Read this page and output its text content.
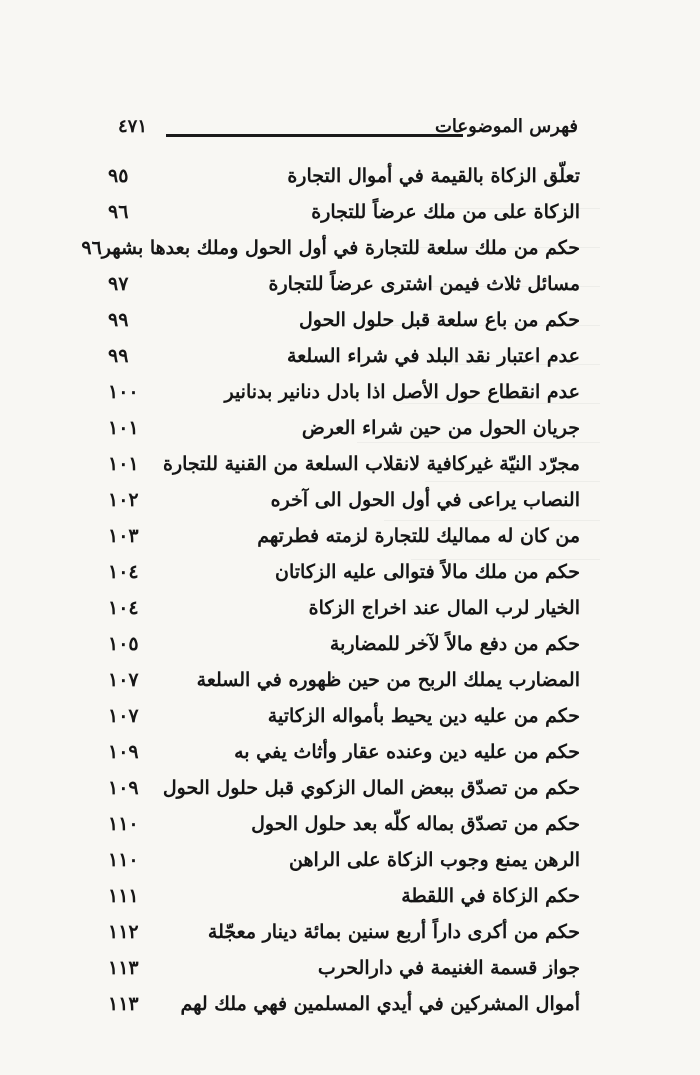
فهرس الموضوعات
٤٧١
تعلّق الزكاة بالقيمة في أموال التجارة
٩٥
الزكاة على من ملك عرضاً للتجارة
٩٦
حكم من ملك سلعة للتجارة في أول الحول وملك بعدها بشهر
٩٦
مسائل ثلاث فيمن اشترى عرضاً للتجارة
٩٧
حكم من باع سلعة قبل حلول الحول
٩٩
عدم اعتبار نقد البلد في شراء السلعة
٩٩
عدم انقطاع حول الأصل اذا بادل دنانير بدنانير
١٠٠
جريان الحول من حين شراء العرض
١٠١
مجرّد النيّة غيركافية لانقلاب السلعة من القنية للتجارة
١٠١
النصاب يراعى في أول الحول الى آخره
١٠٢
من كان له مماليك للتجارة لزمته فطرتهم
١٠٣
حكم من ملك مالاً فتوالى عليه الزكاتان
١٠٤
الخيار لرب المال عند اخراج الزكاة
١٠٤
حكم من دفع مالاً لآخر للمضاربة
١٠٥
المضارب يملك الربح من حين ظهوره في السلعة
١٠٧
حكم من عليه دين يحيط بأمواله الزكاتية
١٠٧
حكم من عليه دين وعنده عقار وأثاث يفي به
١٠٩
حكم من تصدّق ببعض المال الزكوي قبل حلول الحول
١٠٩
حكم من تصدّق بماله كلّه بعد حلول الحول
١١٠
الرهن يمنع وجوب الزكاة على الراهن
١١٠
حكم الزكاة في اللقطة
١١١
حكم من أكرى داراً أربع سنين بمائة دينار معجّلة
١١٢
جواز قسمة الغنيمة في دارالحرب
١١٣
أموال المشركين في أيدي المسلمين فهي ملك لهم
١١٣
